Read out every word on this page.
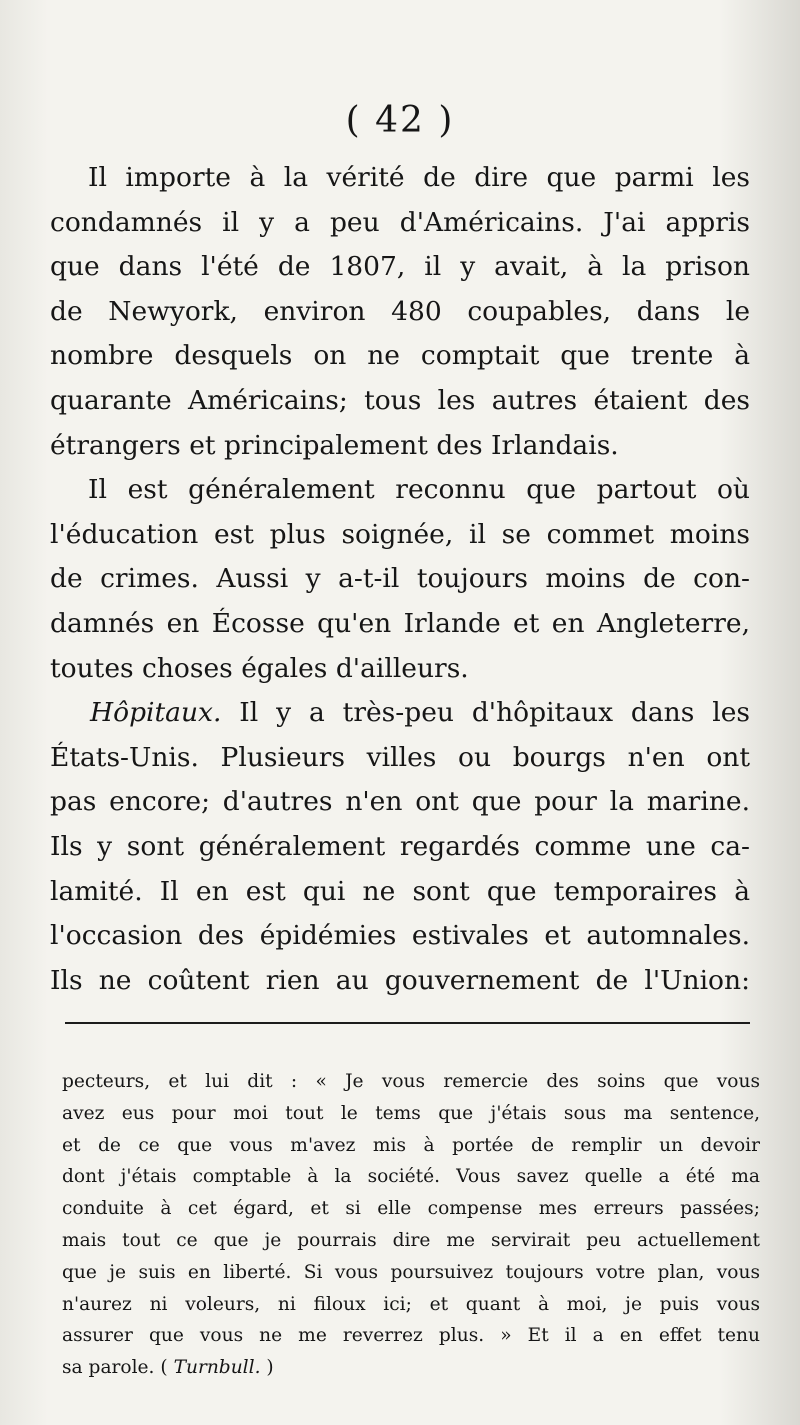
( 42 )
Il importe à la vérité de dire que parmi les
condamnés il y a peu d'Américains. J'ai appris
que dans l'été de 1807, il y avait, à la prison
de Newyork, environ 480 coupables, dans le
nombre desquels on ne comptait que trente à
quarante Américains; tous les autres étaient des
étrangers et principalement des Irlandais.
Il est généralement reconnu que partout où
l'éducation est plus soignée, il se commet moins
de crimes. Aussi y a-t-il toujours moins de con-
damnés en Écosse qu'en Irlande et en Angleterre,
toutes choses égales d'ailleurs.
Hôpitaux. Il y a très-peu d'hôpitaux dans les
États-Unis. Plusieurs villes ou bourgs n'en ont
pas encore; d'autres n'en ont que pour la marine.
Ils y sont généralement regardés comme une ca-
lamité. Il en est qui ne sont que temporaires à
l'occasion des épidémies estivales et automnales.
Ils ne coûtent rien au gouvernement de l'Union:
pecteurs, et lui dit : « Je vous remercie des soins que vous
avez eus pour moi tout le tems que j'étais sous ma sentence,
et de ce que vous m'avez mis à portée de remplir un devoir
dont j'étais comptable à la société. Vous savez quelle a été ma
conduite à cet égard, et si elle compense mes erreurs passées;
mais tout ce que je pourrais dire me servirait peu actuellement
que je suis en liberté. Si vous poursuivez toujours votre plan, vous
n'aurez ni voleurs, ni filoux ici; et quant à moi, je puis vous
assurer que vous ne me reverrez plus. » Et il a en effet tenu
sa parole. ( Turnbull. )
